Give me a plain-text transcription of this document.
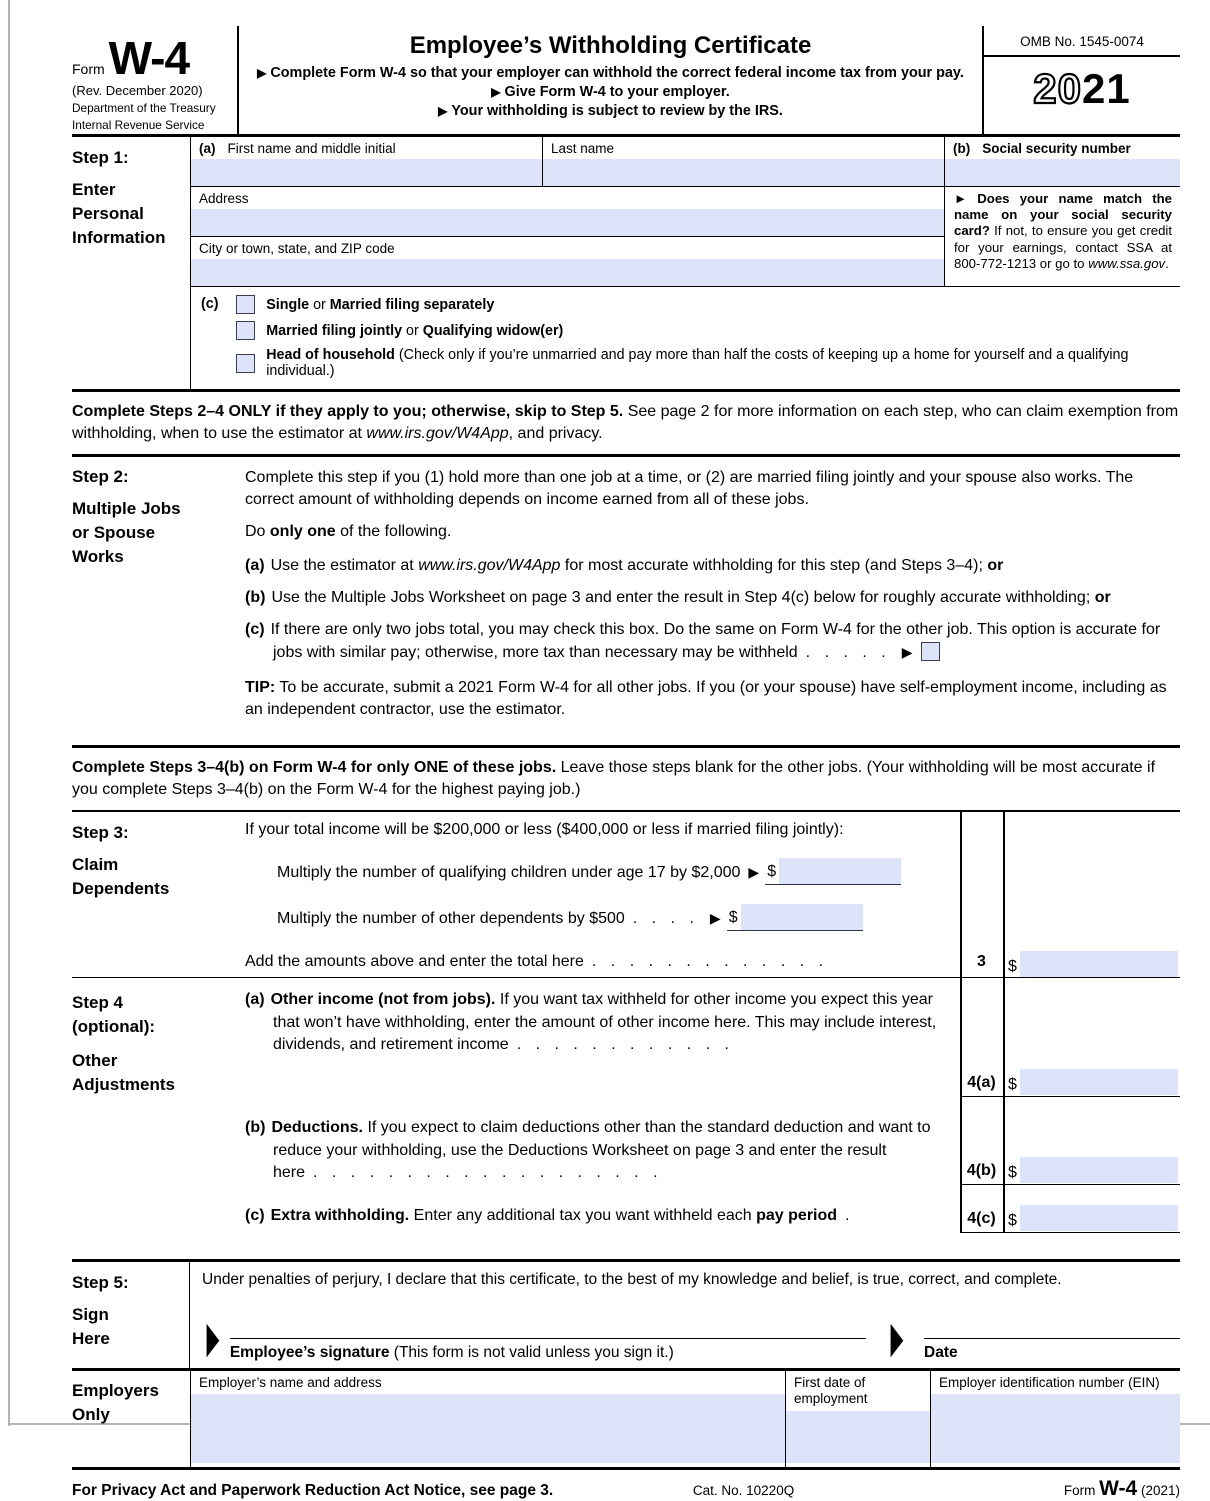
Form W-4
(Rev. December 2020)
Department of the Treasury
Internal Revenue Service
Employee’s Withholding Certificate
▶ Complete Form W-4 so that your employer can withhold the correct federal income tax from your pay.
▶ Give Form W-4 to your employer.
▶ Your withholding is subject to review by the IRS.
OMB No. 1545-0074
2021
Step 1:
Enter
Personal
Information
(a) First name and middle initial	Last name	(b) Social security number
Address	► Does your name match the name on your social security card? If not, to ensure you get credit for your earnings, contact SSA at 800-772-1213 or go to www.ssa.gov.
City or town, state, and ZIP code
(c)	Single or Married filing separately
Married filing jointly or Qualifying widow(er)
Head of household (Check only if you’re unmarried and pay more than half the costs of keeping up a home for yourself and a qualifying individual.)
Complete Steps 2–4 ONLY if they apply to you; otherwise, skip to Step 5. See page 2 for more information on each step, who can claim exemption from withholding, when to use the estimator at www.irs.gov/W4App, and privacy.
Step 2:
Multiple Jobs or Spouse Works

Complete this step if you (1) hold more than one job at a time, or (2) are married filing jointly and your spouse also works. The correct amount of withholding depends on income earned from all of these jobs.

Do only one of the following.

(a) Use the estimator at www.irs.gov/W4App for most accurate withholding for this step (and Steps 3–4); or
(b) Use the Multiple Jobs Worksheet on page 3 and enter the result in Step 4(c) below for roughly accurate withholding; or
(c) If there are only two jobs total, you may check this box. Do the same on Form W-4 for the other job. This option is accurate for jobs with similar pay; otherwise, more tax than necessary may be withheld . . . . . ▶

TIP: To be accurate, submit a 2021 Form W-4 for all other jobs. If you (or your spouse) have self-employment income, including as an independent contractor, use the estimator.

Complete Steps 3–4(b) on Form W-4 for only ONE of these jobs. Leave those steps blank for the other jobs. (Your withholding will be most accurate if you complete Steps 3–4(b) on the Form W-4 for the highest paying job.)
Step 3:
Claim
Dependents
If your total income will be $200,000 or less ($400,000 or less if married filing jointly):
Multiply the number of qualifying children under age 17 by $2,000 ▶ $
Multiply the number of other dependents by $500 . . . . ▶ $
Add the amounts above and enter the total here . . . . . . . . . . . . .	3	$
Step 4 (optional):
Other Adjustments
(a) Other income (not from jobs). If you want tax withheld for other income you expect this year that won’t have withholding, enter the amount of other income here. This may include interest, dividends, and retirement income . . . . . . . . . . . .
4(a) $
(b) Deductions. If you expect to claim deductions other than the standard deduction and want to reduce your withholding, use the Deductions Worksheet on page 3 and enter the result here . . . . . . . . . . . . . . . . . . .	4(b) $
(c) Extra withholding. Enter any additional tax you want withheld each pay period .	4(c) $
Step 5:
Sign
Here
Under penalties of perjury, I declare that this certificate, to the best of my knowledge and belief, is true, correct, and complete.
▶ Employee’s signature (This form is not valid unless you sign it.)	▶ Date
Employers
Only
Employer’s name and address	First date of employment
Employer identification number (EIN)
For Privacy Act and Paperwork Reduction Act Notice, see page 3.	Cat. No. 10220Q	Form W-4 (2021)
